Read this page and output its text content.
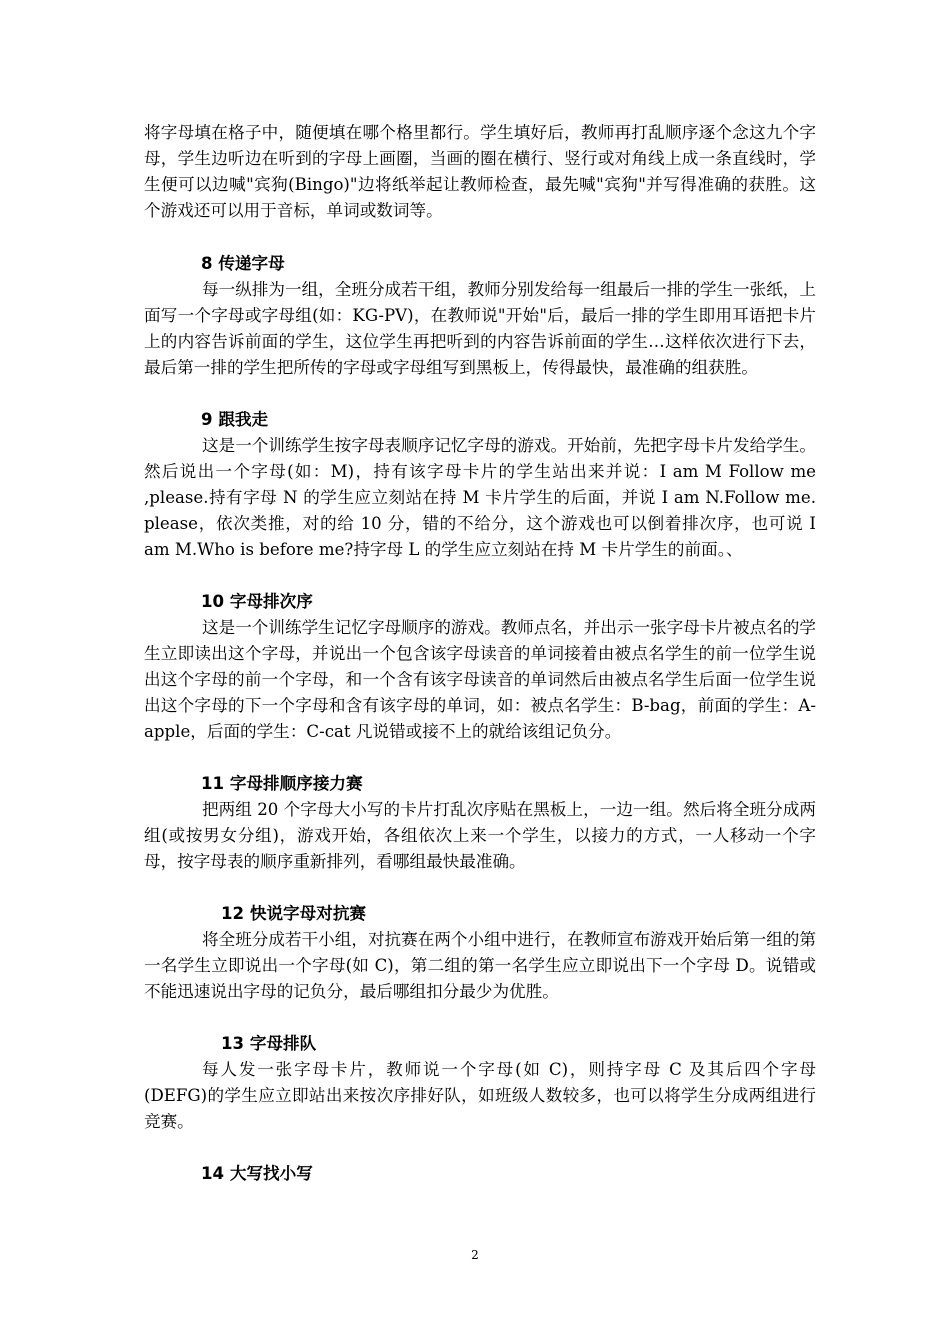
将字母填在格子中，随便填在哪个格里都行。学生填好后，教师再打乱顺序逐个念这九个字母，学生边听边在听到的字母上画圈，当画的圈在横行、竖行或对角线上成一条直线时，学生便可以边喊"宾狗(Bingo)"边将纸举起让教师检查，最先喊"宾狗"并写得准确的获胜。这个游戏还可以用于音标，单词或数词等。

8 传递字母

每一纵排为一组，全班分成若干组，教师分别发给每一组最后一排的学生一张纸，上面写一个字母或字母组(如：KG-PV)，在教师说"开始"后，最后一排的学生即用耳语把卡片上的内容告诉前面的学生，这位学生再把听到的内容告诉前面的学生…这样依次进行下去，最后第一排的学生把所传的字母或字母组写到黑板上，传得最快，最准确的组获胜。

9 跟我走

这是一个训练学生按字母表顺序记忆字母的游戏。开始前，先把字母卡片发给学生。然后说出一个字母(如：M)，持有该字母卡片的学生站出来并说：I am M Follow me ,please.持有字母 N 的学生应立刻站在持 M 卡片学生的后面，并说 I am N.Follow me. please，依次类推，对的给 10 分，错的不给分，这个游戏也可以倒着排次序，也可说 I am M.Who is before me?持字母 L 的学生应立刻站在持 M 卡片学生的前面。、

10 字母排次序

这是一个训练学生记忆字母顺序的游戏。教师点名，并出示一张字母卡片被点名的学生立即读出这个字母，并说出一个包含该字母读音的单词接着由被点名学生的前一位学生说出这个字母的前一个字母，和一个含有该字母读音的单词然后由被点名学生后面一位学生说出这个字母的下一个字母和含有该字母的单词，如：被点名学生：B-bag，前面的学生：A-apple，后面的学生：C-cat 凡说错或接不上的就给该组记负分。

11 字母排顺序接力赛

把两组 20 个字母大小写的卡片打乱次序贴在黑板上，一边一组。然后将全班分成两组(或按男女分组)，游戏开始，各组依次上来一个学生，以接力的方式，一人移动一个字母，按字母表的顺序重新排列，看哪组最快最准确。

12 快说字母对抗赛

将全班分成若干小组，对抗赛在两个小组中进行，在教师宣布游戏开始后第一组的第一名学生立即说出一个字母(如 C)，第二组的第一名学生应立即说出下一个字母 D。说错或不能迅速说出字母的记负分，最后哪组扣分最少为优胜。

13 字母排队

每人发一张字母卡片，教师说一个字母(如 C)，则持字母 C 及其后四个字母(DEFG)的学生应立即站出来按次序排好队，如班级人数较多，也可以将学生分成两组进行竞赛。

14 大写找小写

2
